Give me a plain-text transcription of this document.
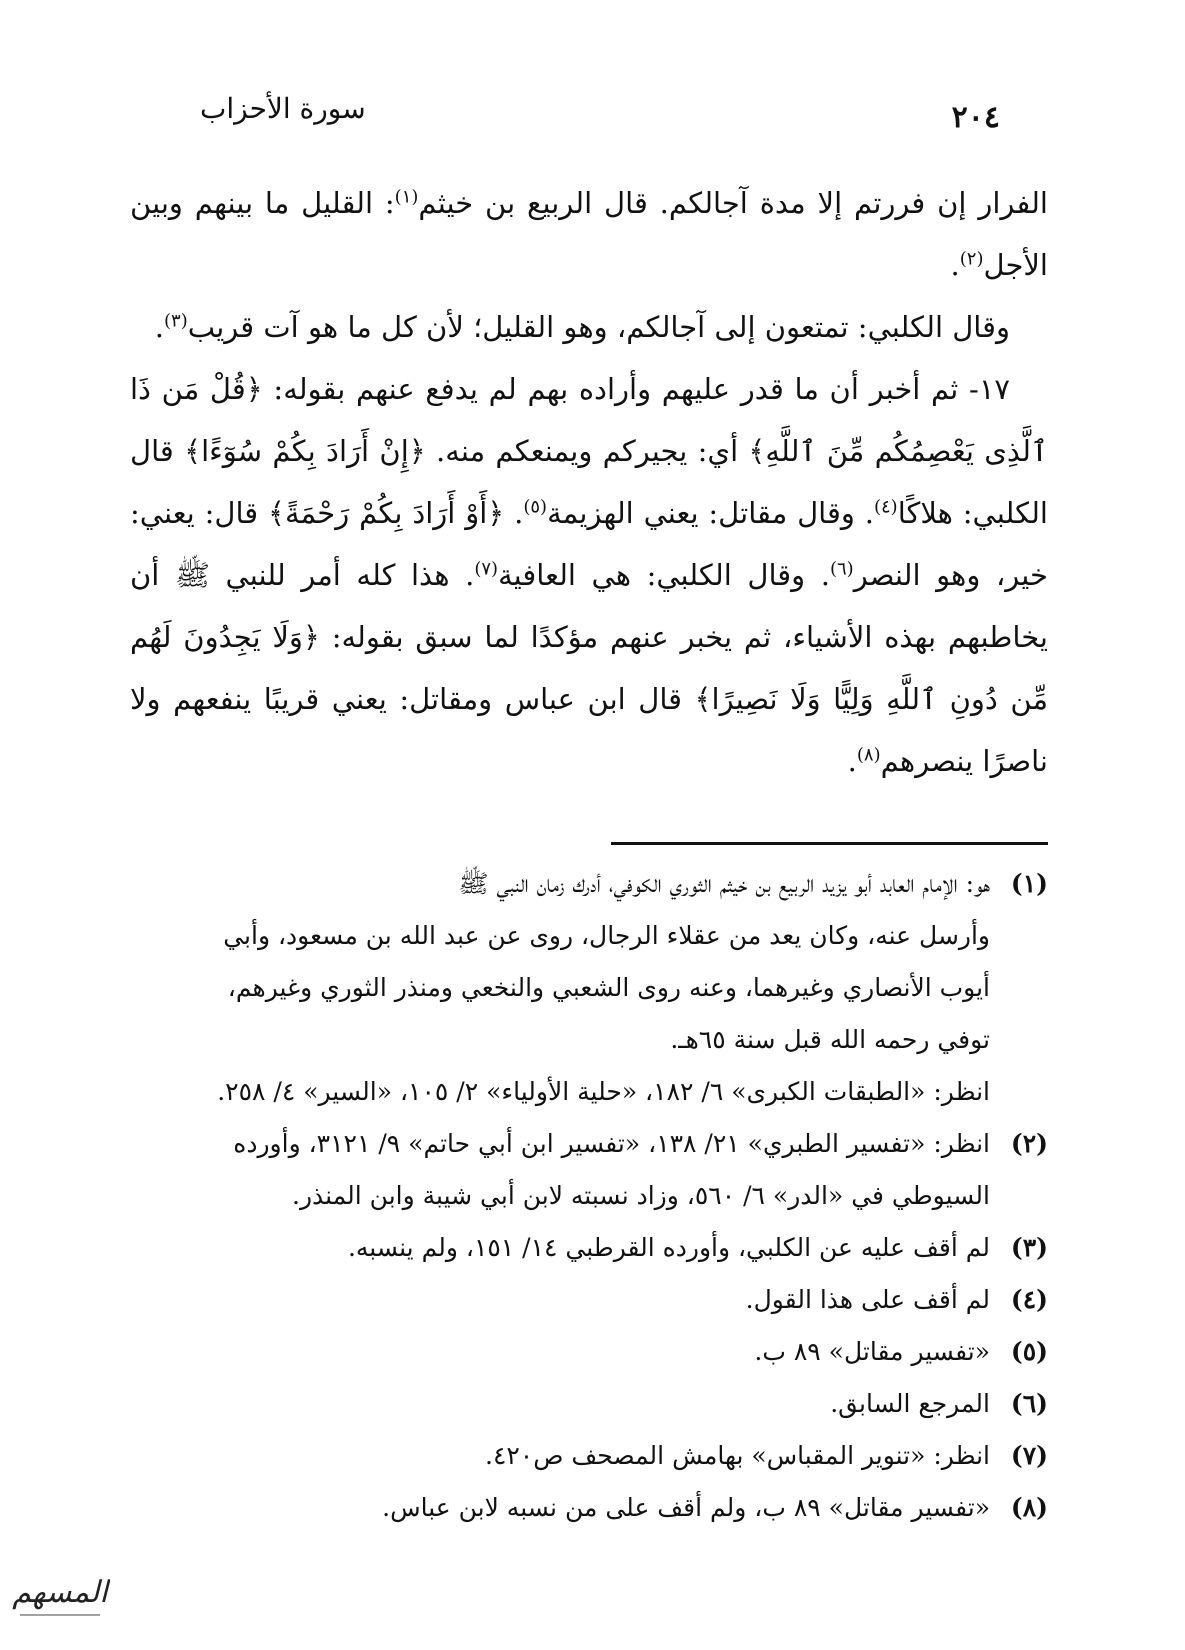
سورة الأحزاب	٢٠٤

الفرار إن فررتم إلا مدة آجالكم. قال الربيع بن خيثم$^{(١)}$: القليل ما بينهم وبين الأجل$^{(٢)}$.

وقال الكلبي: تمتعون إلى آجالكم، وهو القليل؛ لأن كل ما هو آت قريب$^{(٣)}$.

١٧- ثم أخبر أن ما قدر عليهم وأراده بهم لم يدفع عنهم بقوله: ﴿قُلْ مَن ذَا ٱلَّذِى يَعْصِمُكُم مِّنَ ٱللَّهِ﴾ أي: يجيركم ويمنعكم منه. ﴿إِنْ أَرَادَ بِكُمْ سُوٓءًا﴾ قال الكلبي: هلاكًا$^{(٤)}$. وقال مقاتل: يعني الهزيمة$^{(٥)}$. ﴿أَوْ أَرَادَ بِكُمْ رَحْمَةً﴾ قال: يعني: خير، وهو النصر$^{(٦)}$. وقال الكلبي: هي العافية$^{(٧)}$. هذا كله أمر للنبي ﷺ أن يخاطبهم بهذه الأشياء، ثم يخبر عنهم مؤكدًا لما سبق بقوله: ﴿وَلَا يَجِدُونَ لَهُم مِّن دُونِ ٱللَّهِ وَلِيًّا وَلَا نَصِيرًا﴾ قال ابن عباس ومقاتل: يعني قريبًا ينفعهم ولا ناصرًا ينصرهم$^{(٨)}$.

(١)
هو: الإمام العابد أبو يزيد الربيع بن خيثم الثوري الكوفي، أدرك زمان النبي ﷺ
وأرسل عنه، وكان يعد من عقلاء الرجال، روى عن عبد الله بن مسعود، وأبي
أيوب الأنصاري وغيرهما، وعنه روى الشعبي والنخعي ومنذر الثوري وغيرهم،
توفي رحمه الله قبل سنة ٦٥هـ.
انظر: «الطبقات الكبرى» ٦/ ١٨٢، «حلية الأولياء» ٢/ ١٠٥، «السير» ٤/ ٢٥٨.
(٢)
انظر: «تفسير الطبري» ٢١/ ١٣٨، «تفسير ابن أبي حاتم» ٩/ ٣١٢١، وأورده
السيوطي في «الدر» ٦/ ٥٦٠، وزاد نسبته لابن أبي شيبة وابن المنذر.
(٣)
لم أقف عليه عن الكلبي، وأورده القرطبي ١٤/ ١٥١، ولم ينسبه.
(٤)
لم أقف على هذا القول.
(٥)
«تفسير مقاتل» ٨٩ ب.
(٦)
المرجع السابق.
(٧)
انظر: «تنوير المقباس» بهامش المصحف ص٤٢٠.
(٨)
«تفسير مقاتل» ٨٩ ب، ولم أقف على من نسبه لابن عباس.
المسهم
